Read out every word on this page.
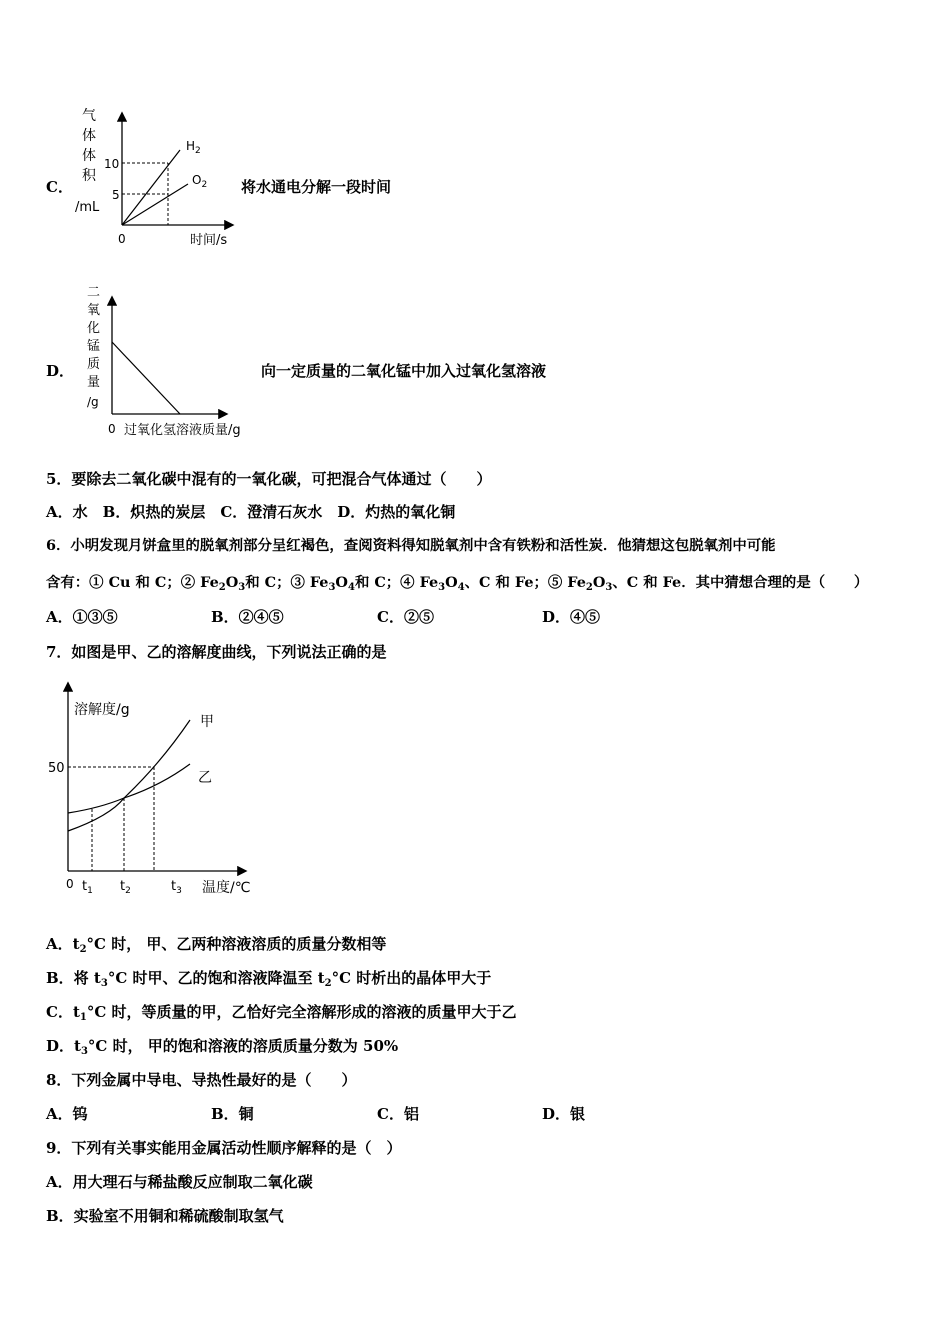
C．
气
体
体
积
/mL
10
5
0	时间/s
$H_2$
$O_2$ 将水通电分解一段时间
D．
二
氧
化
锰
质
量
/g
0 过氧化氢溶液质量/g
向一定质量的二氧化锰中加入过氧化氢溶液
5．要除去二氧化碳中混有的一氧化碳，可把混合气体通过（　　）
A．水　B．炽热的炭层　C．澄清石灰水　D．灼热的氧化铜
6．小明发现月饼盒里的脱氧剂部分呈红褐色，查阅资料得知脱氧剂中含有铁粉和活性炭．他猜想这包脱氧剂中可能
含有：① Cu 和 C；② $Fe_2O_3$和 C；③ $Fe_3O_4$和 C；④ $Fe_3O_4$、C 和 Fe；⑤ $Fe_2O_3$、C 和 Fe．其中猜想合理的是（　　）
A．①③⑤	B．②④⑤	C．②⑤	D．④⑤
7．如图是甲、乙的溶解度曲线，下列说法正确的是
溶解度/g
50
0 $t_1$ $t_2$	$t_3$ 温度/℃
甲
乙
A．$t_2^\circ C$ 时， 甲、乙两种溶液溶质的质量分数相等
B．将 $t_3^\circ C$ 时甲、乙的饱和溶液降温至 $t_2^\circ C$ 时析出的晶体甲大于
C．$t_1^\circ C$ 时，等质量的甲，乙恰好完全溶解形成的溶液的质量甲大于乙
D．$t_3^\circ C$ 时， 甲的饱和溶液的溶质质量分数为 50%
8．下列金属中导电、导热性最好的是（　　）
A．钨	B．铜	C．铝	D．银
9．下列有关事实能用金属活动性顺序解释的是（　）
A．用大理石与稀盐酸反应制取二氧化碳
B．实验室不用铜和稀硫酸制取氢气
